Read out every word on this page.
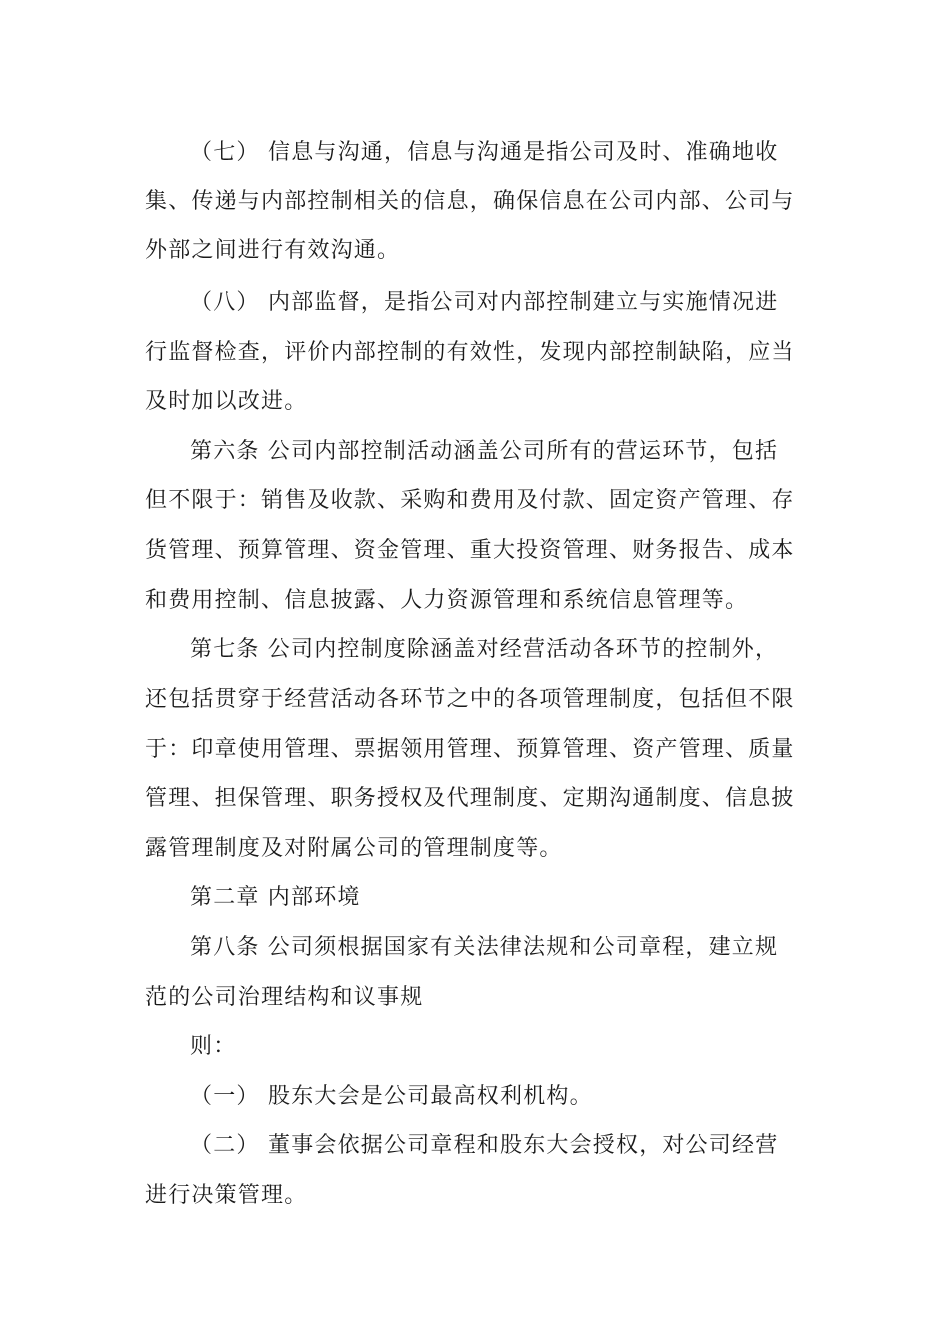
（七） 信息与沟通，信息与沟通是指公司及时、准确地收

集、传递与内部控制相关的信息，确保信息在公司内部、公司与

外部之间进行有效沟通。

（八） 内部监督，是指公司对内部控制建立与实施情况进

行监督检查，评价内部控制的有效性，发现内部控制缺陷，应当

及时加以改进。

第六条 公司内部控制活动涵盖公司所有的营运环节，包括

但不限于：销售及收款、采购和费用及付款、固定资产管理、存

货管理、预算管理、资金管理、重大投资管理、财务报告、成本

和费用控制、信息披露、人力资源管理和系统信息管理等。

第七条 公司内控制度除涵盖对经营活动各环节的控制外，

还包括贯穿于经营活动各环节之中的各项管理制度，包括但不限

于：印章使用管理、票据领用管理、预算管理、资产管理、质量

管理、担保管理、职务授权及代理制度、定期沟通制度、信息披

露管理制度及对附属公司的管理制度等。

第二章 内部环境

第八条 公司须根据国家有关法律法规和公司章程，建立规

范的公司治理结构和议事规

则：

（一） 股东大会是公司最高权利机构。

（二） 董事会依据公司章程和股东大会授权，对公司经营

进行决策管理。
